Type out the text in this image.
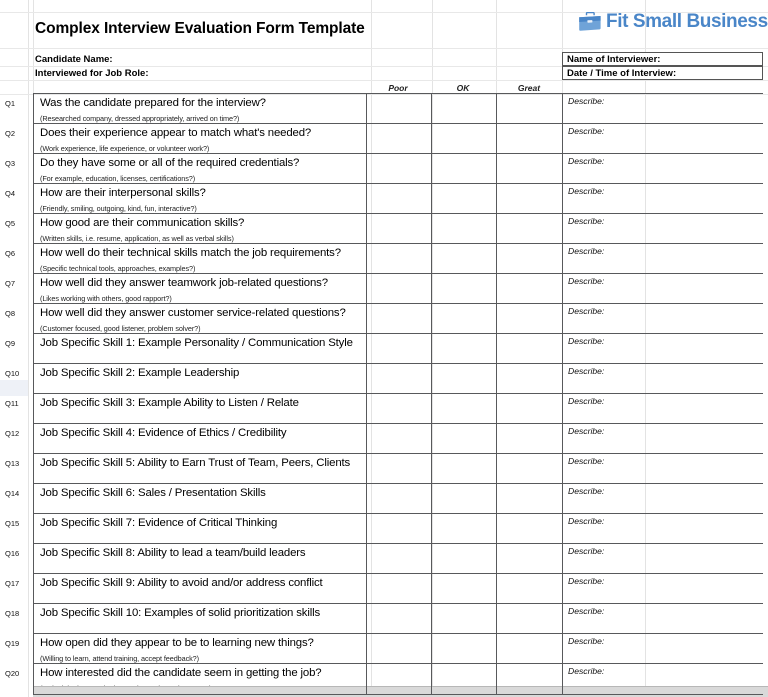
Complex Interview Evaluation Form Template	Fit Small Business
Candidate Name:
Interviewed for Job Role:
Name of Interviewer:
Date / Time of Interview:
Poor	OK	Great
Q1	Was the candidate prepared for the interview?
(Researched company, dressed appropriately, arrived on time?)
Describe:
Q2	Does their experience appear to match what's needed?
(Work experience, life experience, or volunteer work?)
Describe:
Q3	Do they have some or all of the required credentials?
(For example, education, licenses, certifications?)
Describe:
Q4	How are their interpersonal skills?
(Friendly, smiling, outgoing, kind, fun, interactive?)
Describe:
Q5	How good are their communication skills?
(Written skills, i.e. resume, application, as well as verbal skills)
Describe:
Q6	How well do their technical skills match the job requirements?
(Specific technical tools, approaches, examples?)
Describe:
Q7	How well did they answer teamwork job-related questions?
(Likes working with others, good rapport?)
Describe:
Q8	How well did they answer customer service-related questions?
(Customer focused, good listener, problem solver?)
Describe:
Q9	Job Specific Skill 1: Example Personality / Communication Style	Describe:
Q10	Job Specific Skill 2: Example Leadership	Describe:
Q11	Job Specific Skill 3: Example Ability to Listen / Relate	Describe:
Q12	Job Specific Skill 4: Evidence of Ethics / Credibility	Describe:
Q13	Job Specific Skill 5: Ability to Earn Trust of Team, Peers, Clients	Describe:
Q14	Job Specific Skill 6: Sales / Presentation Skills	Describe:
Q15	Job Specific Skill 7: Evidence of Critical Thinking	Describe:
Q16	Job Specific Skill 8: Ability to lead a team/build leaders	Describe:
Q17	Job Specific Skill 9: Ability to avoid and/or address conflict	Describe:
Q18	Job Specific Skill 10: Examples of solid prioritization skills	Describe:
Q19	How open did they appear to be to learning new things?
(Willing to learn, attend training, accept feedback?)
Describe:
Q20	How interested did the candidate seem in getting the job?	Describe:
